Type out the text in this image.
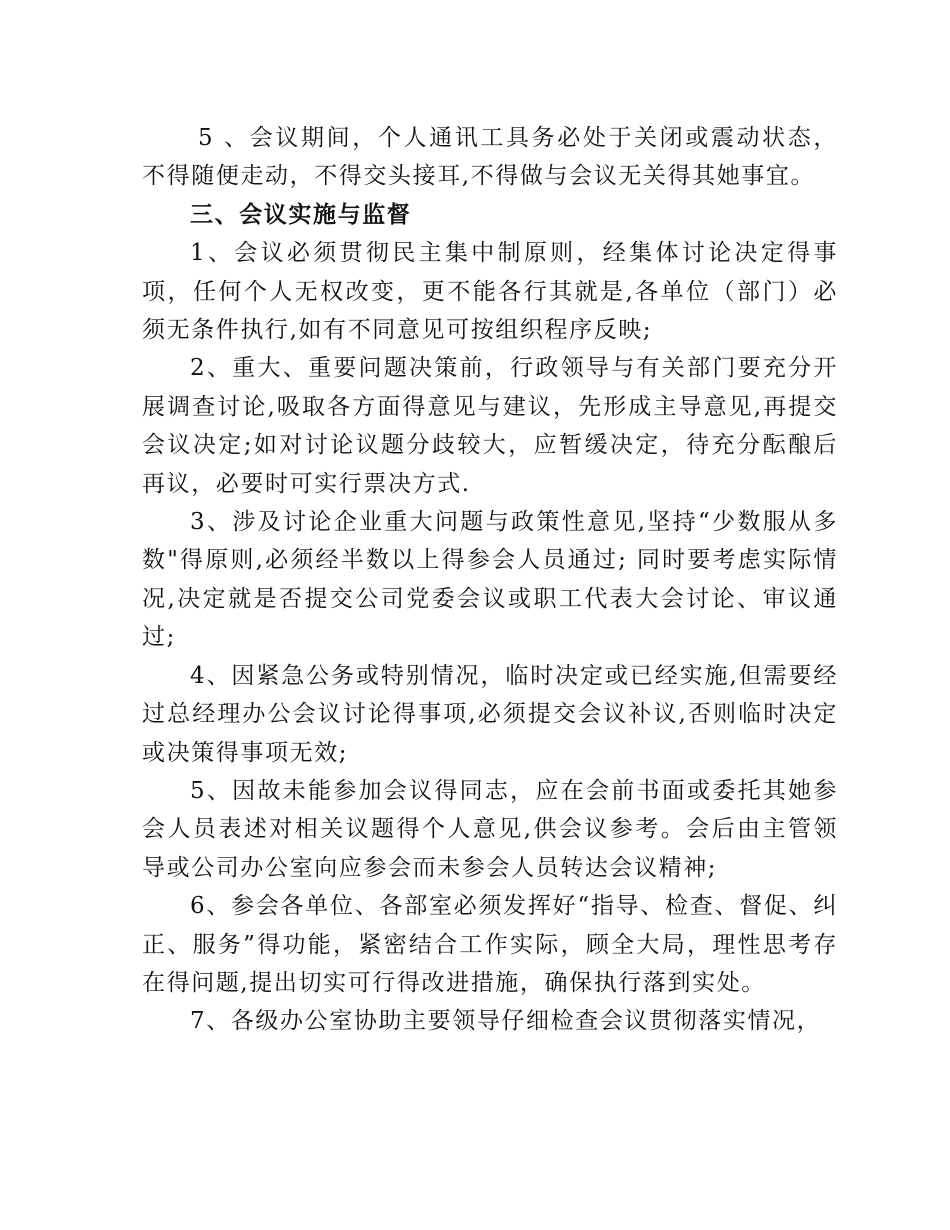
5 、会议期间，个人通讯工具务必处于关闭或震动状态，不得随便走动，不得交头接耳,不得做与会议无关得其她事宜。

三、会议实施与监督

1、会议必须贯彻民主集中制原则，经集体讨论决定得事项，任何个人无权改变，更不能各行其就是,各单位（部门）必须无条件执行,如有不同意见可按组织程序反映;

2、重大、重要问题决策前，行政领导与有关部门要充分开展调查讨论,吸取各方面得意见与建议，先形成主导意见,再提交会议决定;如对讨论议题分歧较大，应暂缓决定，待充分酝酿后再议，必要时可实行票决方式.

3、涉及讨论企业重大问题与政策性意见,坚持“少数服从多数"得原则,必须经半数以上得参会人员通过; 同时要考虑实际情况,决定就是否提交公司党委会议或职工代表大会讨论、审议通过;

4、因紧急公务或特别情况，临时决定或已经实施,但需要经过总经理办公会议讨论得事项,必须提交会议补议,否则临时决定或决策得事项无效;

5、因故未能参加会议得同志，应在会前书面或委托其她参会人员表述对相关议题得个人意见,供会议参考。会后由主管领导或公司办公室向应参会而未参会人员转达会议精神;

6、参会各单位、各部室必须发挥好“指导、检查、督促、纠正、服务”得功能，紧密结合工作实际，顾全大局，理性思考存在得问题,提出切实可行得改进措施，确保执行落到实处。

7、各级办公室协助主要领导仔细检查会议贯彻落实情况，
